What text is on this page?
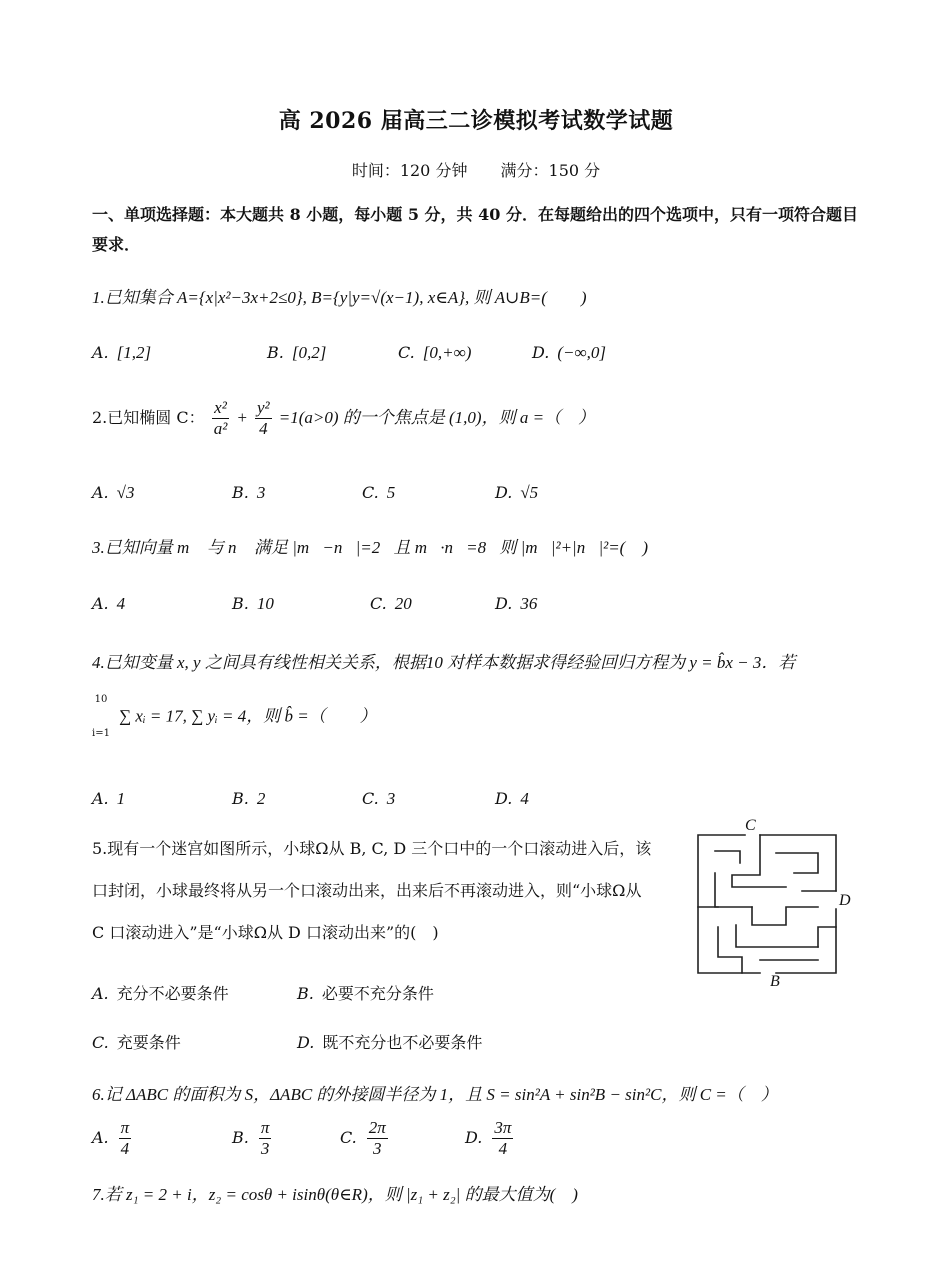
高 2026 届高三二诊模拟考试数学试题
时间：120 分钟 满分：150 分
一、单项选择题：本大题共 8 小题，每小题 5 分，共 40 分．在每题给出的四个选项中，只有一项符合题目要求．
1.已知集合 A={x|x²−3x+2≤0}, B={y|y=√(x−1), x∈A}, 则 A∪B=(　　)
A. [1,2]	B. [0,2]	C. [0,+∞)	D. (−∞,0]
2.已知椭圆 C： $\frac{\text{x²}}{\text{a²}} + \frac{\text{y²}}{4} =1(a>0)$ 的一个焦点是 (1,0)，则 a =（　）
A. √3	B. 3	C. 5	D. √5
3.已知向量 m⃗ 与 n⃗ 满足 |m⃗−n⃗|=2，且 m⃗·n⃗=8，则 |m⃗|²+|n⃗|²=(　)
A. 4	B. 10	C. 20	D. 36
4.已知变量 x, y 之间具有线性相关关系，根据10 对样本数据求得经验回归方程为 y = b̂x − 3．若
10
i=1
∑ xᵢ = 17, ∑ yᵢ = 4，则 b̂ =（　　）
A. 1	B. 2	C. 3	D. 4
5.现有一个迷宫如图所示，小球Ω从 B, C, D 三个口中的一个口滚动进入后，该
口封闭，小球最终将从另一个口滚动出来，出来后不再滚动进入，则“小球Ω从
C 口滚动进入”是“小球Ω从 D 口滚动出来”的(　)
C
D
B
A. 充分不必要条件	B. 必要不充分条件
C. 充要条件	D. 既不充分也不必要条件
6.记 ΔABC 的面积为 S，ΔABC 的外接圆半径为 1，且 S = sin²A + sin²B − sin²C，则 C =（　）
A. $\frac{\pi}{4}$	B. $\frac{\pi}{3}$	C. $\frac{2\pi}{3}$	D. $\frac{3\pi}{4}$
7.若 z₁ = 2 + i，z₂ = cosθ + isinθ(θ∈R)，则 |z₁ + z₂| 的最大值为(　)
